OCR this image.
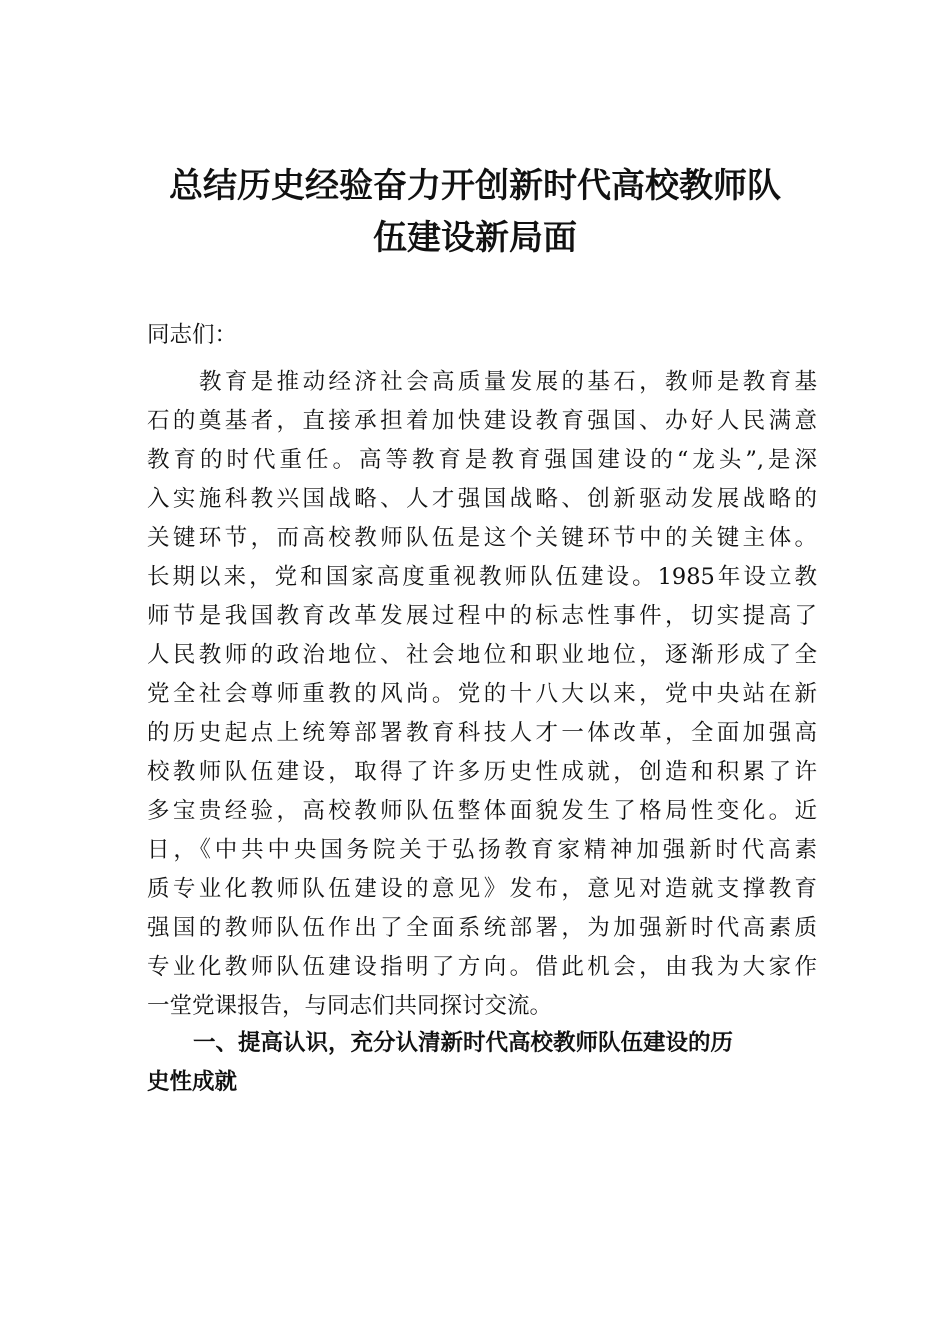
总结历史经验奋力开创新时代高校教师队
伍建设新局面

同志们：

教育是推动经济社会高质量发展的基石，教师是教育基
石的奠基者，直接承担着加快建设教育强国、办好人民满意
教育的时代重任。高等教育是教育强国建设的“龙头”,是深
入实施科教兴国战略、人才强国战略、创新驱动发展战略的
关键环节，而高校教师队伍是这个关键环节中的关键主体。
长期以来，党和国家高度重视教师队伍建设。1985年设立教
师节是我国教育改革发展过程中的标志性事件，切实提高了
人民教师的政治地位、社会地位和职业地位，逐渐形成了全
党全社会尊师重教的风尚。党的十八大以来，党中央站在新
的历史起点上统筹部署教育科技人才一体改革，全面加强高
校教师队伍建设，取得了许多历史性成就，创造和积累了许
多宝贵经验，高校教师队伍整体面貌发生了格局性变化。近
日，《中共中央国务院关于弘扬教育家精神加强新时代高素
质专业化教师队伍建设的意见》发布，意见对造就支撑教育
强国的教师队伍作出了全面系统部署，为加强新时代高素质
专业化教师队伍建设指明了方向。借此机会，由我为大家作
一堂党课报告，与同志们共同探讨交流。
一、提高认识，充分认清新时代高校教师队伍建设的历
史性成就
